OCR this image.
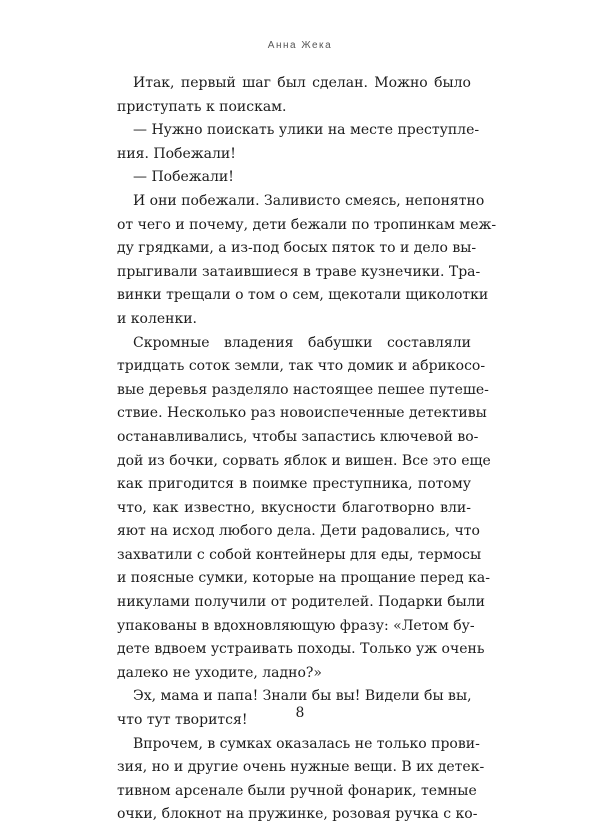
Анна Жека
Итак, первый шаг был сделан. Можно было
приступать к поискам.
— Нужно поискать улики на месте преступле-
ния. Побежали!
— Побежали!
И они побежали. Заливисто смеясь, непонятно
от чего и почему, дети бежали по тропинкам меж-
ду грядками, а из-под босых пяток то и дело вы-
прыгивали затаившиеся в траве кузнечики. Тра-
винки трещали о том о сем, щекотали щиколотки
и коленки.
Скромные владения бабушки составляли
тридцать соток земли, так что домик и абрикосо-
вые деревья разделяло настоящее пешее путеше-
ствие. Несколько раз новоиспеченные детективы
останавливались, чтобы запастись ключевой во-
дой из бочки, сорвать яблок и вишен. Все это еще
как пригодится в поимке преступника, потому
что, как известно, вкусности благотворно вли-
яют на исход любого дела. Дети радовались, что
захватили с собой контейнеры для еды, термосы
и поясные сумки, которые на прощание перед ка-
никулами получили от родителей. Подарки были
упакованы в вдохновляющую фразу: «Летом бу-
дете вдвоем устраивать походы. Только уж очень
далеко не уходите, ладно?»
Эх, мама и папа! Знали бы вы! Видели бы вы,
что тут творится!
Впрочем, в сумках оказалась не только прови-
зия, но и другие очень нужные вещи. В их детек-
тивном арсенале были ручной фонарик, темные
очки, блокнот на пружинке, розовая ручка с ко-
8
